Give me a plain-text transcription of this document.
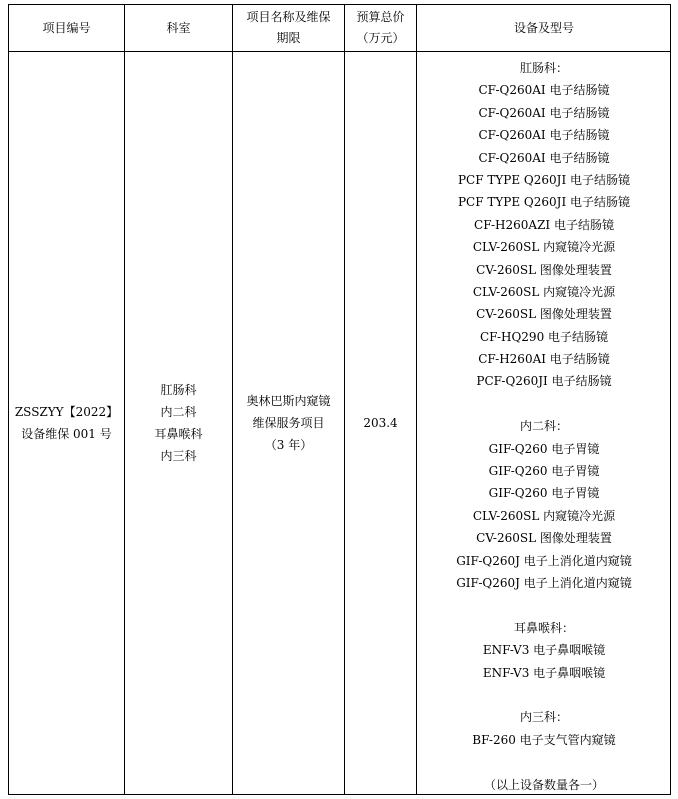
项目编号	科室
项目名称及维保
期限
预算总价
（万元）
设备及型号
ZSSZYY【2022】
设备维保 001 号
肛肠科
内二科
耳鼻喉科
内三科
奥林巴斯内窥镜
维保服务项目
（3 年）
203.4
肛肠科：
CF-Q260AI 电子结肠镜
CF-Q260AI 电子结肠镜
CF-Q260AI 电子结肠镜
CF-Q260AI 电子结肠镜
PCF TYPE Q260JI 电子结肠镜
PCF TYPE Q260JI 电子结肠镜
CF-H260AZI 电子结肠镜
CLV-260SL 内窥镜冷光源
CV-260SL 图像处理装置
CLV-260SL 内窥镜冷光源
CV-260SL 图像处理装置
CF-HQ290 电子结肠镜
CF-H260AI 电子结肠镜
PCF-Q260JI 电子结肠镜
内二科：
GIF-Q260 电子胃镜
GIF-Q260 电子胃镜
GIF-Q260 电子胃镜
CLV-260SL 内窥镜冷光源
CV-260SL 图像处理装置
GIF-Q260J 电子上消化道内窥镜
GIF-Q260J 电子上消化道内窥镜
耳鼻喉科：
ENF-V3 电子鼻咽喉镜
ENF-V3 电子鼻咽喉镜
内三科：
BF-260 电子支气管内窥镜
（以上设备数量各一）
